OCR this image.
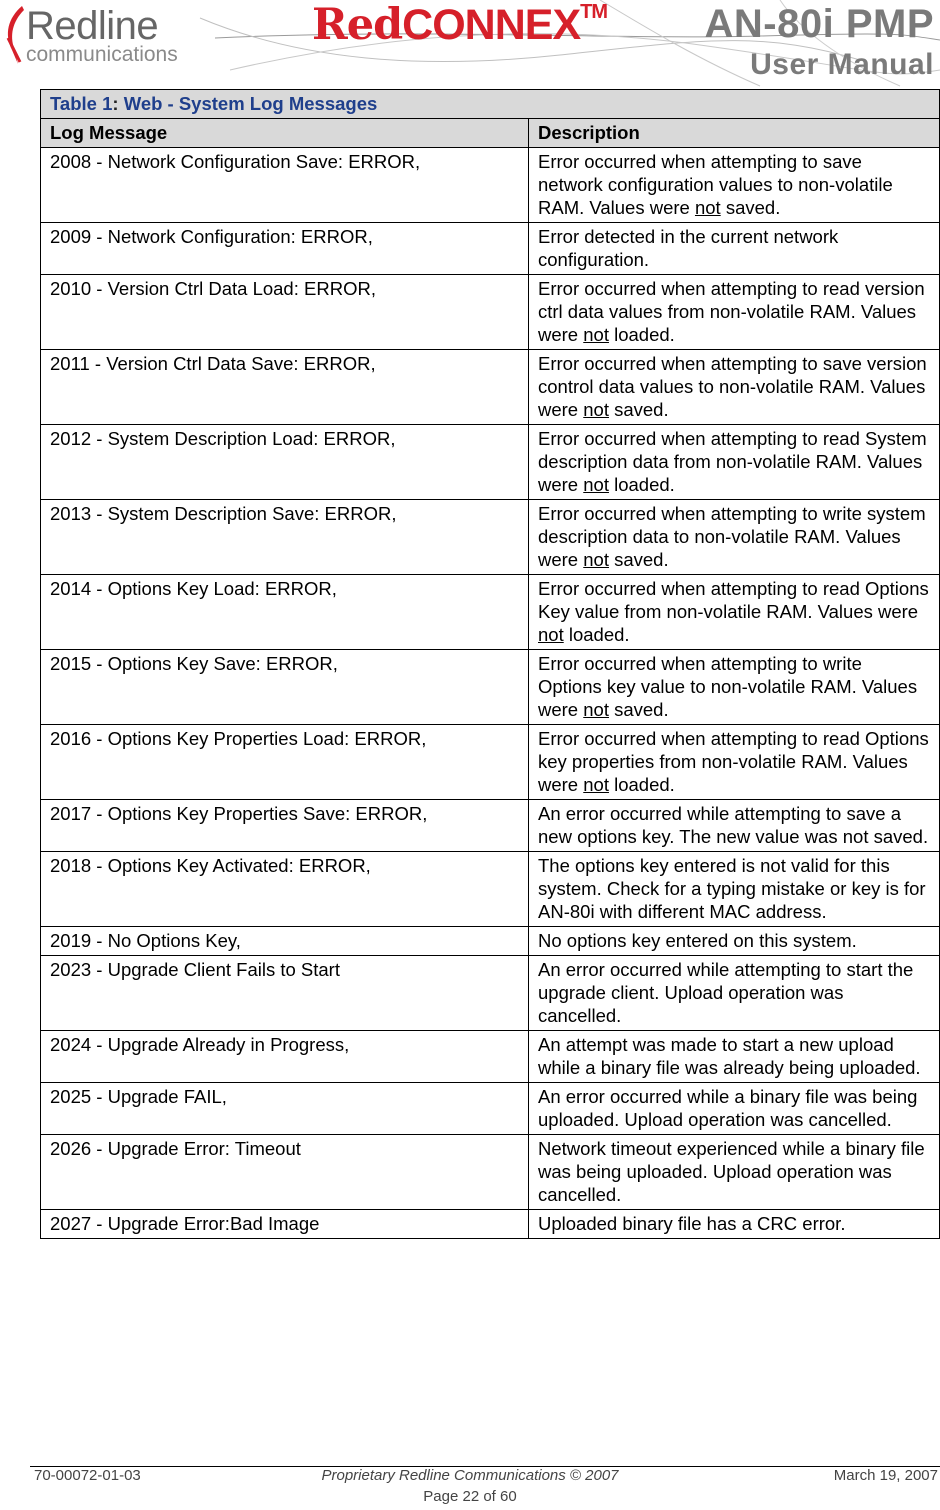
Redline
communications
RedCONNEX™ AN-80i PMP
User Manual
Table 1: Web - System Log Messages	
Log Message	Description
2008 - Network Configuration Save: ERROR,	Error occurred when attempting to save network configuration values to non-volatile RAM. Values were not saved.
2009 - Network Configuration: ERROR,	Error detected in the current network configuration.
2010 - Version Ctrl Data Load: ERROR,	Error occurred when attempting to read version ctrl data values from non-volatile RAM. Values were not loaded.
2011 - Version Ctrl Data Save: ERROR,	Error occurred when attempting to save version control data values to non-volatile RAM. Values were not saved.
2012 - System Description Load: ERROR,	Error occurred when attempting to read System description data from non-volatile RAM. Values were not loaded.
2013 - System Description Save: ERROR,	Error occurred when attempting to write system description data to non-volatile RAM. Values were not saved.
2014 - Options Key Load: ERROR,	Error occurred when attempting to read Options Key value from non-volatile RAM. Values were not loaded.
2015 - Options Key Save: ERROR,	Error occurred when attempting to write Options key value to non-volatile RAM. Values were not saved.
2016 - Options Key Properties Load: ERROR,	Error occurred when attempting to read Options key properties from non-volatile RAM. Values were not loaded.
2017 - Options Key Properties Save: ERROR,	An error occurred while attempting to save a new options key. The new value was not saved.
2018 - Options Key Activated: ERROR,	The options key entered is not valid for this system. Check for a typing mistake or key is for AN-80i with different MAC address.
2019 - No Options Key,	No options key entered on this system.
2023 - Upgrade Client Fails to Start	An error occurred while attempting to start the upgrade client. Upload operation was cancelled.
2024 - Upgrade Already in Progress,	An attempt was made to start a new upload while a binary file was already being uploaded.
2025 - Upgrade FAIL,	An error occurred while a binary file was being uploaded. Upload operation was cancelled.
2026 - Upgrade Error: Timeout	Network timeout experienced while a binary file was being uploaded. Upload operation was cancelled.
2027 - Upgrade Error:Bad Image	Uploaded binary file has a CRC error.
70-00072-01-03	Proprietary Redline Communications © 2007	March 19, 2007
Page 22 of 60
